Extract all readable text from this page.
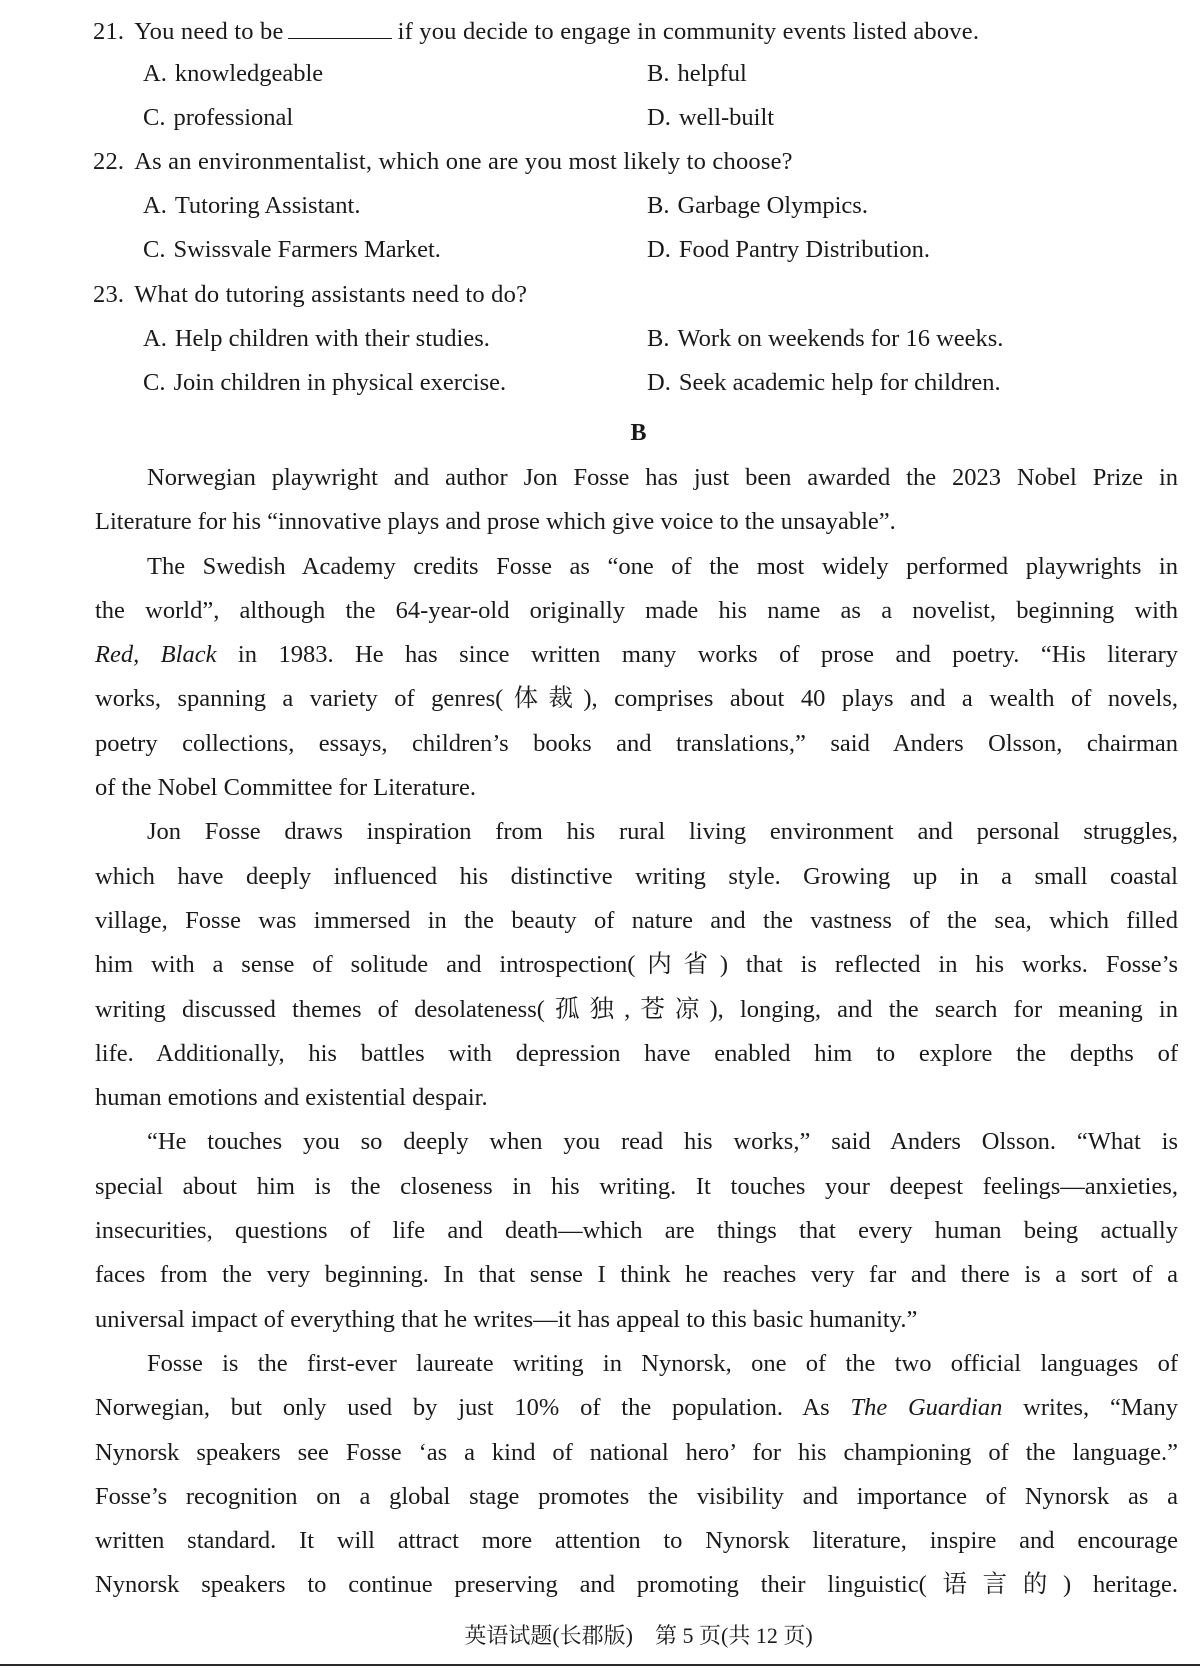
21. You need to be	if you decide to engage in community events listed above.
A. knowledgeable	B. helpful
C. professional	D. well-built
22. As an environmentalist, which one are you most likely to choose?
A. Tutoring Assistant.	B. Garbage Olympics.
C. Swissvale Farmers Market.	D. Food Pantry Distribution.
23. What do tutoring assistants need to do?
A. Help children with their studies.	B. Work on weekends for 16 weeks.
C. Join children in physical exercise.	D. Seek academic help for children.
B
Norwegian playwright and author Jon Fosse has just been awarded the 2023 Nobel Prize in
Literature for his “innovative plays and prose which give voice to the unsayable”.
The Swedish Academy credits Fosse as “one of the most widely performed playwrights in
the world”, although the 64-year-old originally made his name as a novelist, beginning with
Red, Black in 1983. He has since written many works of prose and poetry. “His literary
works, spanning a variety of genres(体裁), comprises about 40 plays and a wealth of novels,
poetry collections, essays, children’s books and translations,” said Anders Olsson, chairman
of the Nobel Committee for Literature.
Jon Fosse draws inspiration from his rural living environment and personal struggles,
which have deeply influenced his distinctive writing style. Growing up in a small coastal
village, Fosse was immersed in the beauty of nature and the vastness of the sea, which filled
him with a sense of solitude and introspection(内省) that is reflected in his works. Fosse’s
writing discussed themes of desolateness(孤独,苍凉), longing, and the search for meaning in
life. Additionally, his battles with depression have enabled him to explore the depths of
human emotions and existential despair.
“He touches you so deeply when you read his works,” said Anders Olsson. “What is
special about him is the closeness in his writing. It touches your deepest feelings—anxieties,
insecurities, questions of life and death—which are things that every human being actually
faces from the very beginning. In that sense I think he reaches very far and there is a sort of a
universal impact of everything that he writes—it has appeal to this basic humanity.”
Fosse is the first-ever laureate writing in Nynorsk, one of the two official languages of
Norwegian, but only used by just 10% of the population. As The Guardian writes, “Many
Nynorsk speakers see Fosse ‘as a kind of national hero’ for his championing of the language.”
Fosse’s recognition on a global stage promotes the visibility and importance of Nynorsk as a
written standard. It will attract more attention to Nynorsk literature, inspire and encourage
Nynorsk speakers to continue preserving and promoting their linguistic(语言的) heritage.
英语试题(长郡版)　第 5 页(共 12 页)
